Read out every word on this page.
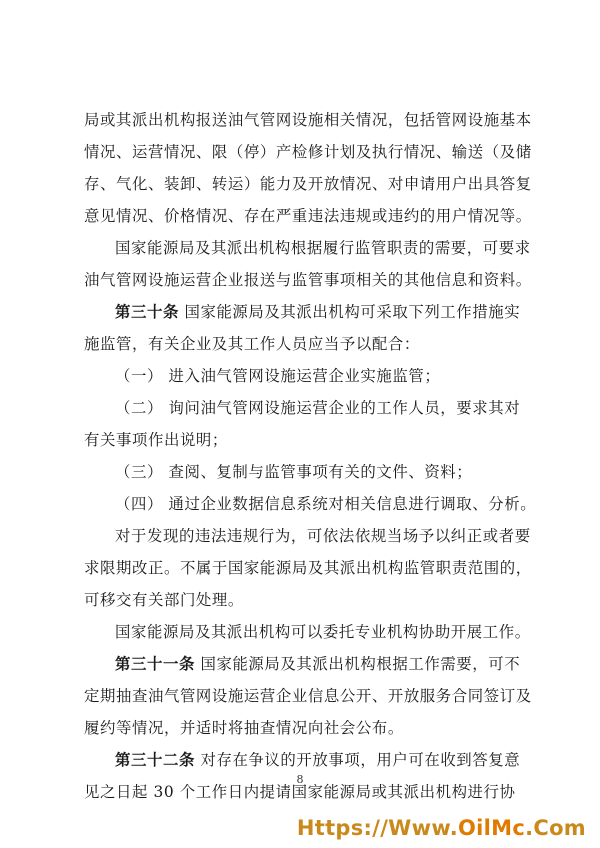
局或其派出机构报送油气管网设施相关情况，包括管网设施基本
情况、运营情况、限（停）产检修计划及执行情况、输送（及储
存、气化、装卸、转运）能力及开放情况、对申请用户出具答复
意见情况、价格情况、存在严重违法违规或违约的用户情况等。
国家能源局及其派出机构根据履行监管职责的需要，可要求
油气管网设施运营企业报送与监管事项相关的其他信息和资料。
第三十条 国家能源局及其派出机构可采取下列工作措施实
施监管，有关企业及其工作人员应当予以配合：
（一） 进入油气管网设施运营企业实施监管；
（二） 询问油气管网设施运营企业的工作人员，要求其对
有关事项作出说明；
（三） 查阅、复制与监管事项有关的文件、资料；
（四） 通过企业数据信息系统对相关信息进行调取、分析。
对于发现的违法违规行为，可依法依规当场予以纠正或者要
求限期改正。不属于国家能源局及其派出机构监管职责范围的，
可移交有关部门处理。
国家能源局及其派出机构可以委托专业机构协助开展工作。
第三十一条 国家能源局及其派出机构根据工作需要，可不
定期抽查油气管网设施运营企业信息公开、开放服务合同签订及
履约等情况，并适时将抽查情况向社会公布。
第三十二条 对存在争议的开放事项，用户可在收到答复意
见之日起 30 个工作日内提请国家能源局或其派出机构进行协
8
Https://Www.OilMc.Com
